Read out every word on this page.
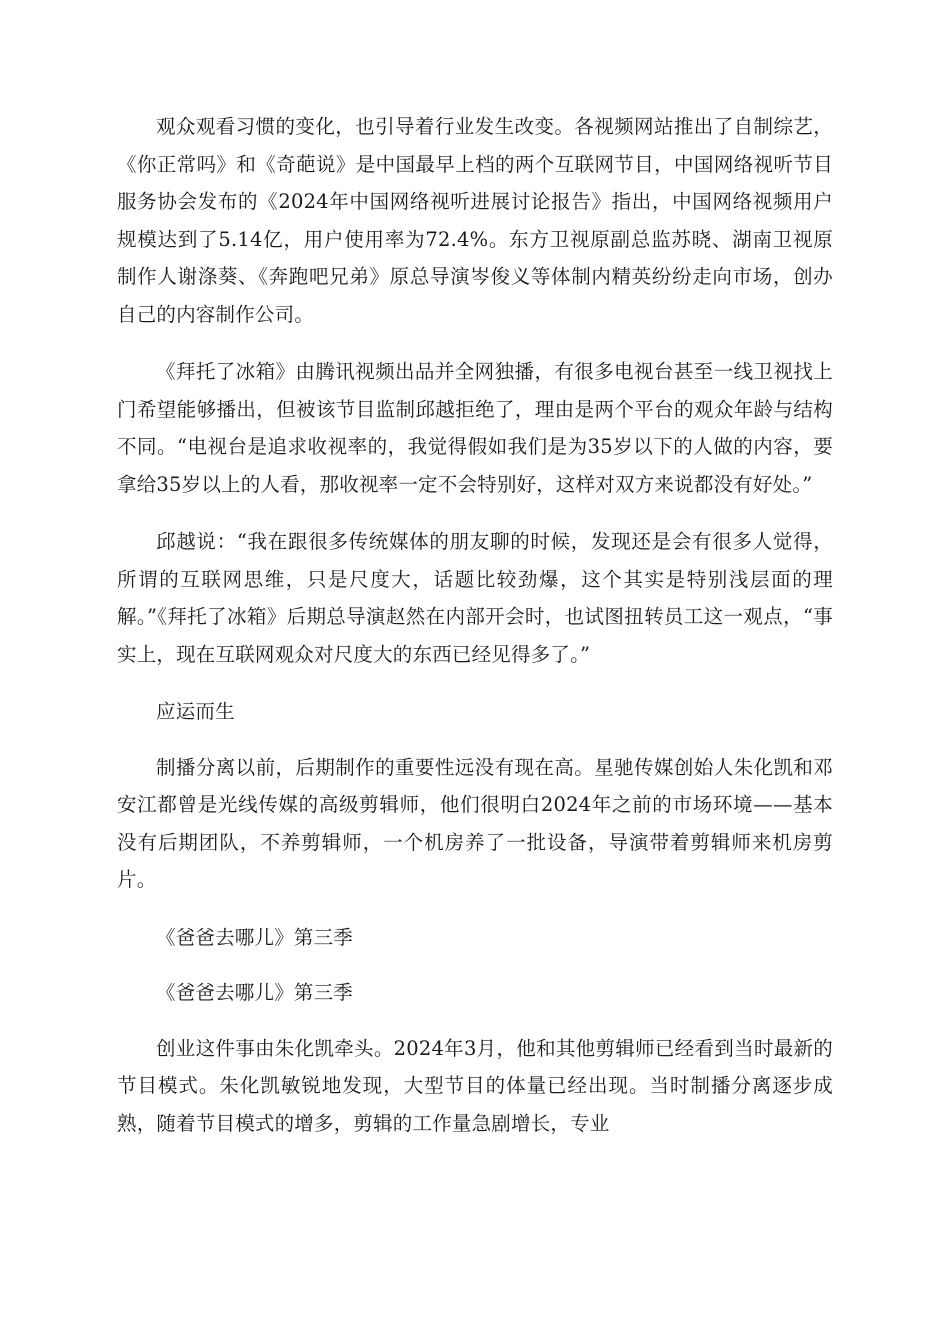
观众观看习惯的变化，也引导着行业发生改变。各视频网站推出了自制综艺，《你正常吗》和《奇葩说》是中国最早上档的两个互联网节目，中国网络视听节目服务协会发布的《2024年中国网络视听进展讨论报告》指出，中国网络视频用户规模达到了5.14亿，用户使用率为72.4%。东方卫视原副总监苏晓、湖南卫视原制作人谢涤葵、《奔跑吧兄弟》原总导演岑俊义等体制内精英纷纷走向市场，创办自己的内容制作公司。

《拜托了冰箱》由腾讯视频出品并全网独播，有很多电视台甚至一线卫视找上门希望能够播出，但被该节目监制邱越拒绝了，理由是两个平台的观众年龄与结构不同。“电视台是追求收视率的，我觉得假如我们是为35岁以下的人做的内容，要拿给35岁以上的人看，那收视率一定不会特别好，这样对双方来说都没有好处。”

邱越说：“我在跟很多传统媒体的朋友聊的时候，发现还是会有很多人觉得，所谓的互联网思维，只是尺度大，话题比较劲爆，这个其实是特别浅层面的理解。”《拜托了冰箱》后期总导演赵然在内部开会时，也试图扭转员工这一观点，“事实上，现在互联网观众对尺度大的东西已经见得多了。”

应运而生

制播分离以前，后期制作的重要性远没有现在高。星驰传媒创始人朱化凯和邓安江都曾是光线传媒的高级剪辑师，他们很明白2024年之前的市场环境——基本没有后期团队，不养剪辑师，一个机房养了一批设备，导演带着剪辑师来机房剪片。

《爸爸去哪儿》第三季

《爸爸去哪儿》第三季

创业这件事由朱化凯牵头。2024年3月，他和其他剪辑师已经看到当时最新的节目模式。朱化凯敏锐地发现，大型节目的体量已经出现。当时制播分离逐步成熟，随着节目模式的增多，剪辑的工作量急剧增长，专业
